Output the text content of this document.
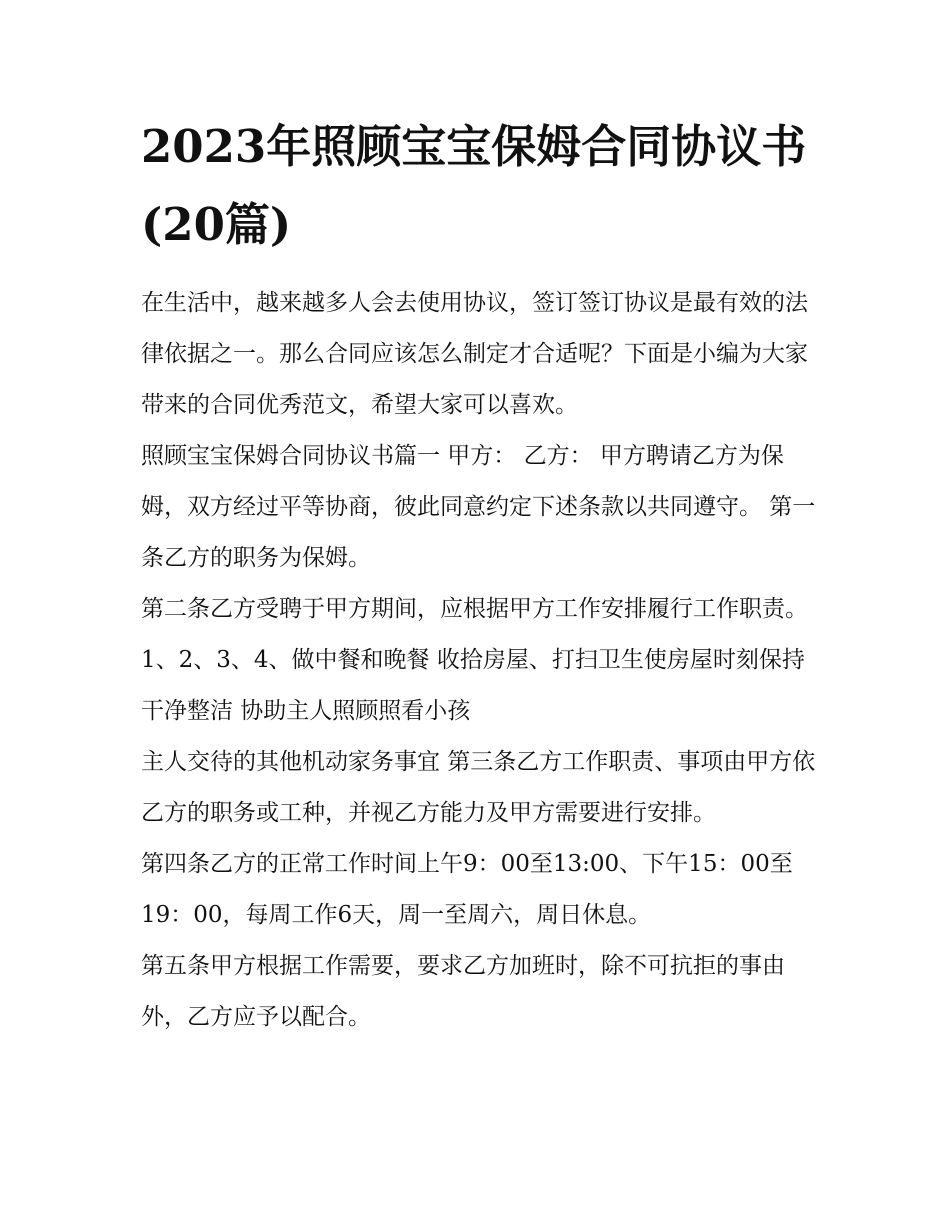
2023年照顾宝宝保姆合同协议书(20篇)

在生活中，越来越多人会去使用协议，签订签订协议是最有效的法律依据之一。那么合同应该怎么制定才合适呢？下面是小编为大家带来的合同优秀范文，希望大家可以喜欢。

照顾宝宝保姆合同协议书篇一 甲方： 乙方： 甲方聘请乙方为保姆，双方经过平等协商，彼此同意约定下述条款以共同遵守。 第一条乙方的职务为保姆。

第二条乙方受聘于甲方期间，应根据甲方工作安排履行工作职责。1、2、3、4、做中餐和晚餐 收拾房屋、打扫卫生使房屋时刻保持干净整洁 协助主人照顾照看小孩

主人交待的其他机动家务事宜 第三条乙方工作职责、事项由甲方依乙方的职务或工种，并视乙方能力及甲方需要进行安排。

第四条乙方的正常工作时间上午9：00至13:00、下午15：00至19：00，每周工作6天，周一至周六，周日休息。

第五条甲方根据工作需要，要求乙方加班时，除不可抗拒的事由外，乙方应予以配合。
